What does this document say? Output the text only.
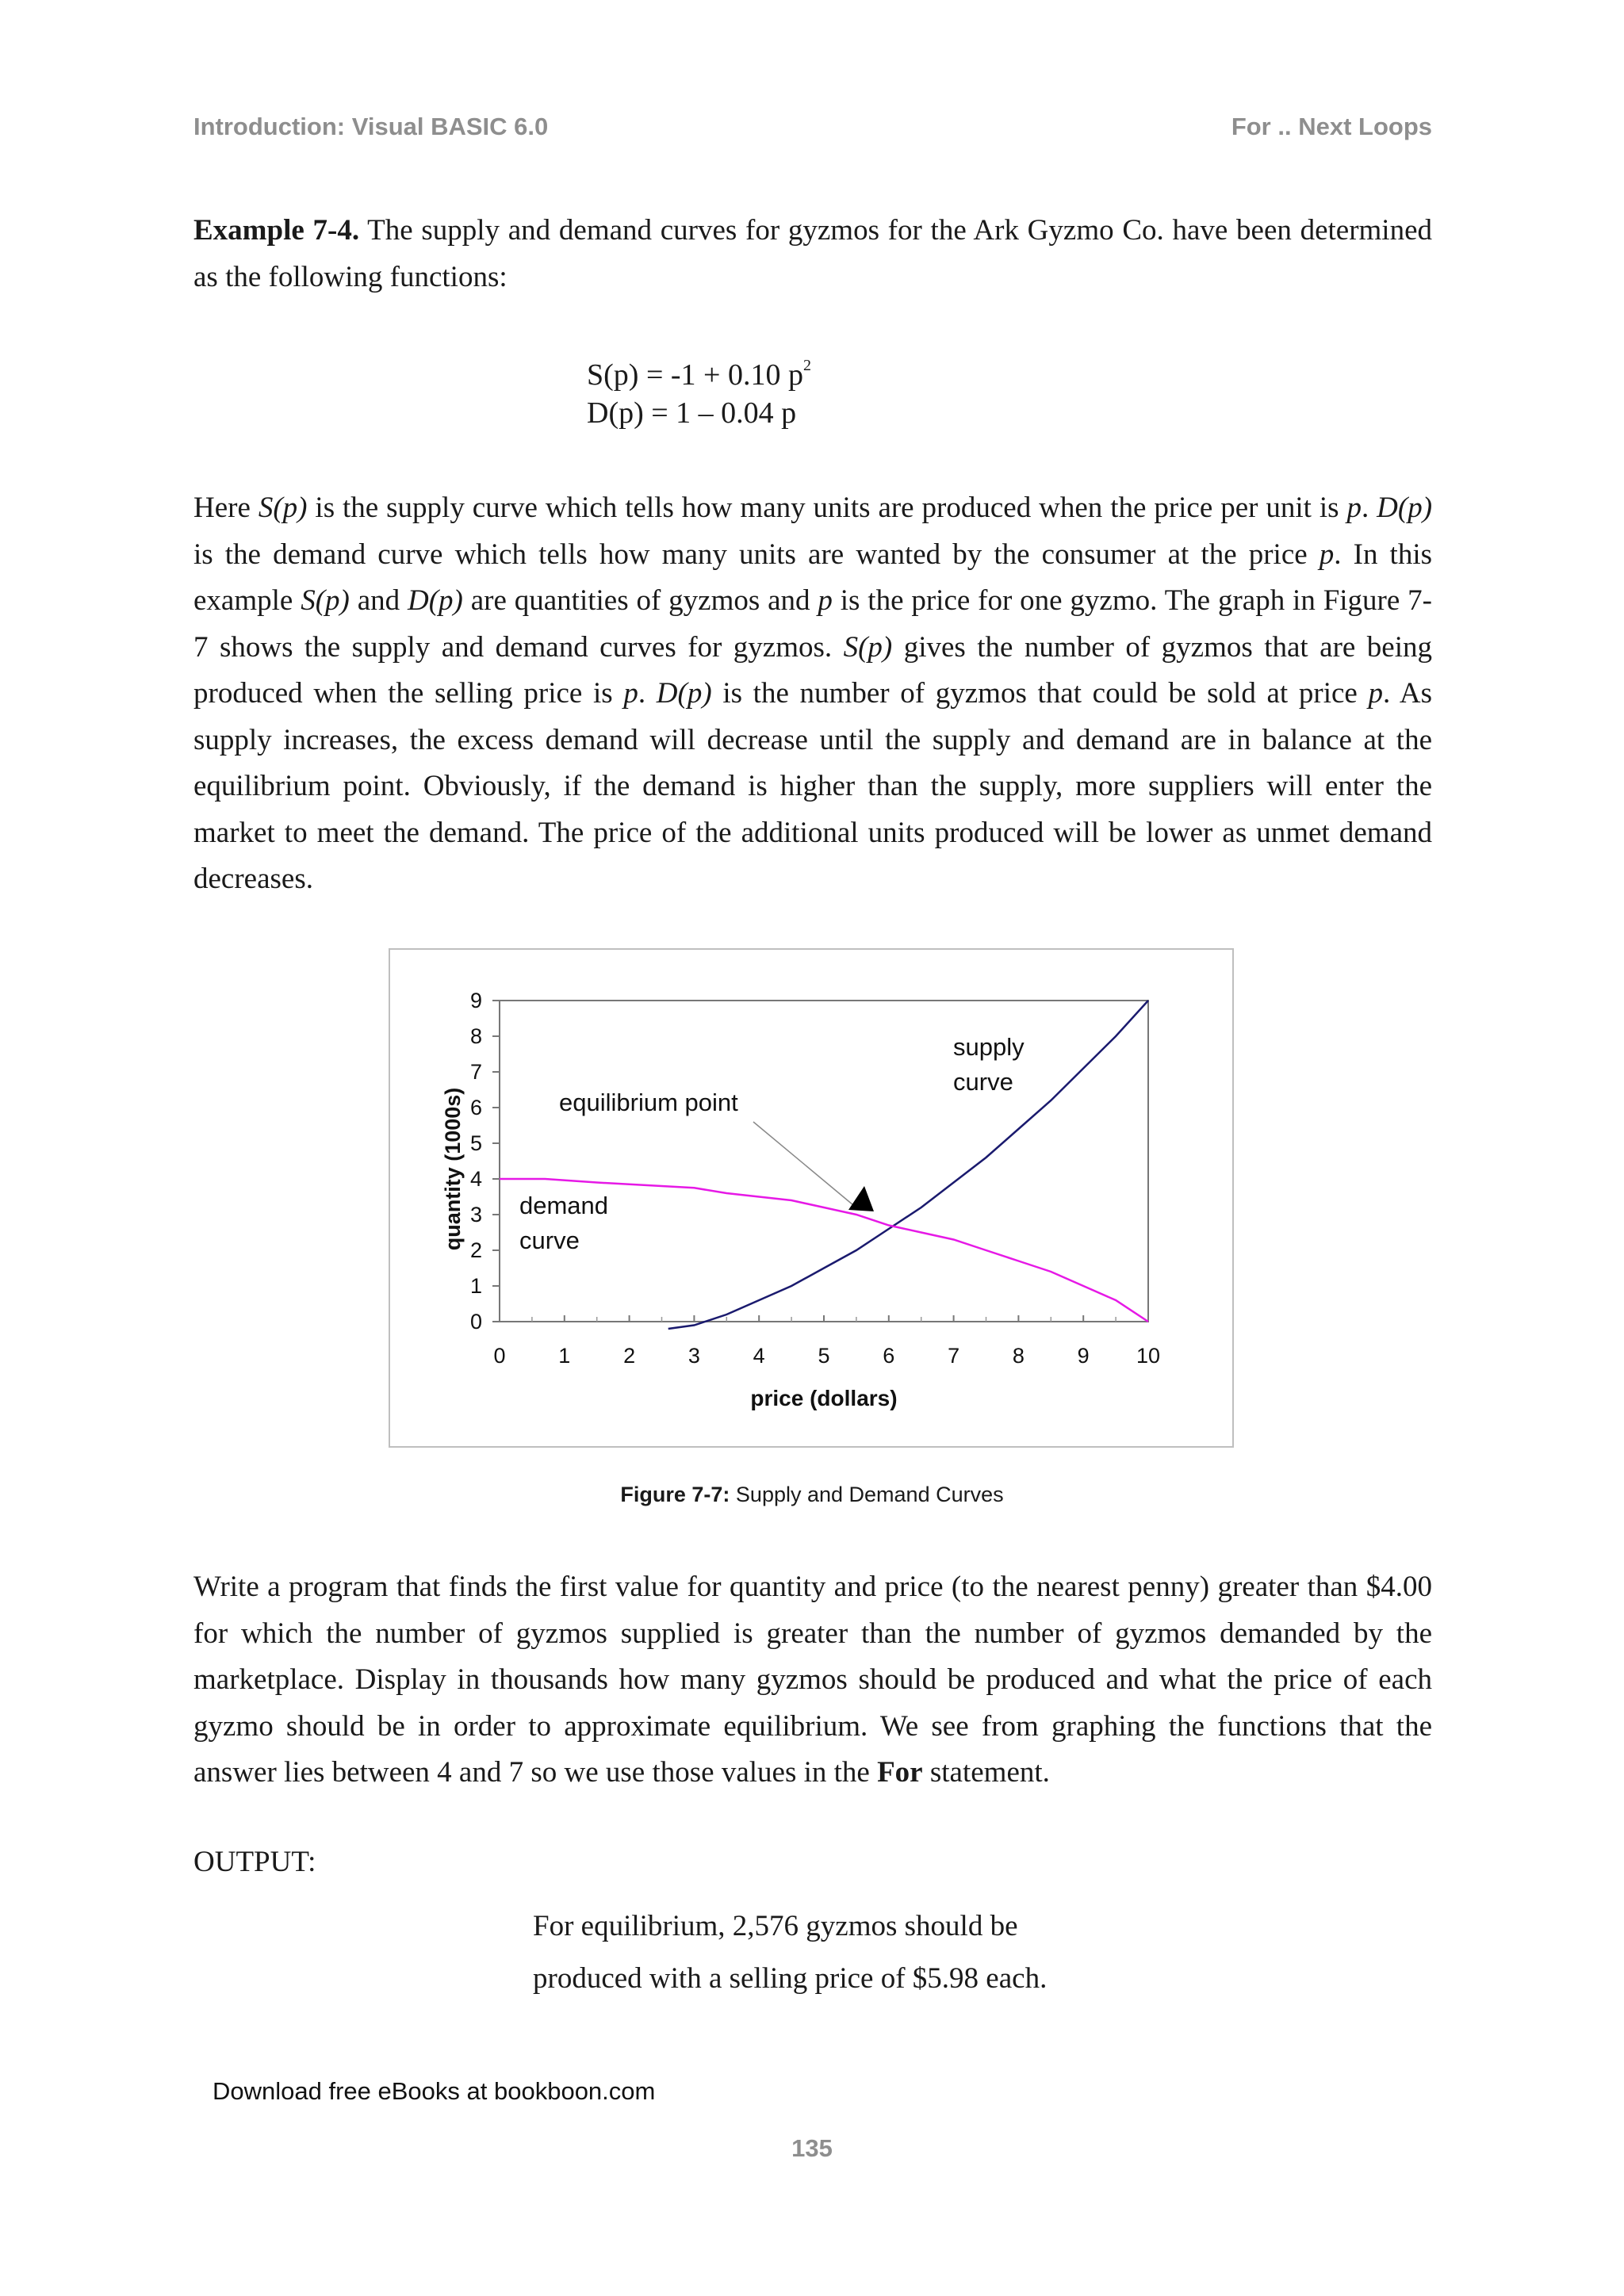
Introduction: Visual BASIC 6.0	For .. Next Loops

Example 7-4. The supply and demand curves for gyzmos for the Ark Gyzmo Co. have been determined as the following functions:

S(p) = -1 + 0.10 $p^2$
D(p) = 1 – 0.04 p

Here S(p) is the supply curve which tells how many units are produced when the price per unit is p. D(p) is the demand curve which tells how many units are wanted by the consumer at the price p. In this example S(p) and D(p) are quantities of gyzmos and p is the price for one gyzmo. The graph in Figure 7-7 shows the supply and demand curves for gyzmos. S(p) gives the number of gyzmos that are being produced when the selling price is p. D(p) is the number of gyzmos that could be sold at price p. As supply increases, the excess demand will decrease until the supply and demand are in balance at the equilibrium point. Obviously, if the demand is higher than the supply, more suppliers will enter the market to meet the demand. The price of the additional units produced will be lower as unmet demand decreases.

0
1
2
3
4
5
6
7
8
9
0 1 2 3 4 5 6 7 8 9 10
price (dollars)
quantity (1000s)	equilibrium point
supply
curve
demand
curve
Figure 7-7: Supply and Demand Curves

Write a program that finds the first value for quantity and price (to the nearest penny) greater than $4.00 for which the number of gyzmos supplied is greater than the number of gyzmos demanded by the marketplace. Display in thousands how many gyzmos should be produced and what the price of each gyzmo should be in order to approximate equilibrium. We see from graphing the functions that the answer lies between 4 and 7 so we use those values in the For statement.

OUTPUT:
For equilibrium, 2,576 gyzmos should be
produced with a selling price of $5.98 each.
Download free eBooks at bookboon.com
135
